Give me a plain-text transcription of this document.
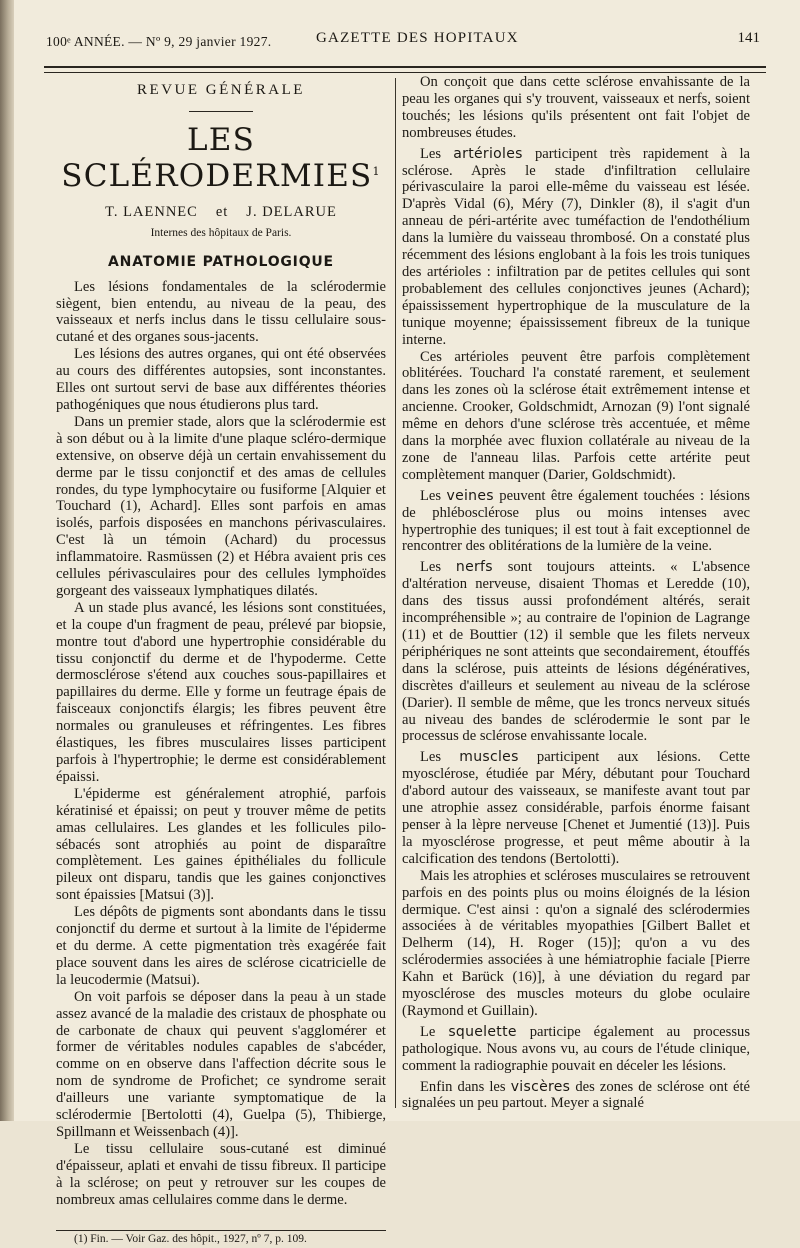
100ᵉ ANNÉE. — Nº 9, 29 janvier 1927.	GAZETTE DES HOPITAUX	141
REVUE GÉNÉRALE
LES SCLÉRODERMIES$^1$
T. LAENNEC et J. DELARUE
Internes des hôpitaux de Paris.
ANATOMIE PATHOLOGIQUE

Les lésions fondamentales de la sclérodermie siègent, bien entendu, au niveau de la peau, des vaisseaux et nerfs inclus dans le tissu cellulaire sous-cutané et des organes sous-jacents.

Les lésions des autres organes, qui ont été observées au cours des différentes autopsies, sont inconstantes. Elles ont surtout servi de base aux différentes théories pathogéniques que nous étudierons plus tard.

Dans un premier stade, alors que la sclérodermie est à son début ou à la limite d'une plaque scléro-dermique extensive, on observe déjà un certain envahissement du derme par le tissu conjonctif et des amas de cellules rondes, du type lymphocytaire ou fusiforme [Alquier et Touchard (1), Achard]. Elles sont parfois en amas isolés, parfois disposées en manchons périvasculaires. C'est là un témoin (Achard) du processus inflammatoire. Rasmüssen (2) et Hébra avaient pris ces cellules périvasculaires pour des cellules lymphoïdes gorgeant des vaisseaux lymphatiques dilatés.

A un stade plus avancé, les lésions sont constituées, et la coupe d'un fragment de peau, prélevé par biopsie, montre tout d'abord une hypertrophie considérable du tissu conjonctif du derme et de l'hypoderme. Cette dermosclérose s'étend aux couches sous-papillaires et papillaires du derme. Elle y forme un feutrage épais de faisceaux conjonctifs élargis; les fibres peuvent être normales ou granuleuses et réfringentes. Les fibres élastiques, les fibres musculaires lisses participent parfois à l'hypertrophie; le derme est considérablement épaissi.

L'épiderme est généralement atrophié, parfois kératinisé et épaissi; on peut y trouver même de petits amas cellulaires. Les glandes et les follicules pilo-sébacés sont atrophiés au point de disparaître complètement. Les gaines épithéliales du follicule pileux ont disparu, tandis que les gaines conjonctives sont épaissies [Matsui (3)].

Les dépôts de pigments sont abondants dans le tissu conjonctif du derme et surtout à la limite de l'épiderme et du derme. A cette pigmentation très exagérée fait place souvent dans les aires de sclérose cicatricielle de la leucodermie (Matsui).

On voit parfois se déposer dans la peau à un stade assez avancé de la maladie des cristaux de phosphate ou de carbonate de chaux qui peuvent s'agglomérer et former de véritables nodules capables de s'abcéder, comme on en observe dans l'affection décrite sous le nom de syndrome de Profichet; ce syndrome serait d'ailleurs une variante symptomatique de la sclérodermie [Bertolotti (4), Guelpa (5), Thibierge, Spillmann et Weissenbach (4)].

Le tissu cellulaire sous-cutané est diminué d'épaisseur, aplati et envahi de tissu fibreux. Il participe à la sclérose; on peut y retrouver sur les coupes de nombreux amas cellulaires comme dans le derme.

(1) Fin. — Voir Gaz. des hôpit., 1927, nº 7, p. 109.

On conçoit que dans cette sclérose envahissante de la peau les organes qui s'y trouvent, vaisseaux et nerfs, soient touchés; les lésions qu'ils présentent ont fait l'objet de nombreuses études.

Les artérioles participent très rapidement à la sclérose. Après le stade d'infiltration cellulaire périvasculaire la paroi elle-même du vaisseau est lésée. D'après Vidal (6), Méry (7), Dinkler (8), il s'agit d'un anneau de péri-artérite avec tuméfaction de l'endothélium dans la lumière du vaisseau thrombosé. On a constaté plus récemment des lésions englobant à la fois les trois tuniques des artérioles : infiltration par de petites cellules qui sont probablement des cellules conjonctives jeunes (Achard); épaississement hypertrophique de la musculature de la tunique moyenne; épaississement fibreux de la tunique interne.

Ces artérioles peuvent être parfois complètement oblitérées. Touchard l'a constaté rarement, et seulement dans les zones où la sclérose était extrêmement intense et ancienne. Crooker, Goldschmidt, Arnozan (9) l'ont signalé même en dehors d'une sclérose très accentuée, et même dans la morphée avec fluxion collatérale au niveau de la zone de l'anneau lilas. Parfois cette artérite peut complètement manquer (Darier, Goldschmidt).

Les veines peuvent être également touchées : lésions de phlébosclérose plus ou moins intenses avec hypertrophie des tuniques; il est tout à fait exceptionnel de rencontrer des oblitérations de la lumière de la veine.

Les nerfs sont toujours atteints. « L'absence d'altération nerveuse, disaient Thomas et Leredde (10), dans des tissus aussi profondément altérés, serait incompréhensible »; au contraire de l'opinion de Lagrange (11) et de Bouttier (12) il semble que les filets nerveux périphériques ne sont atteints que secondairement, étouffés dans la sclérose, puis atteints de lésions dégénératives, discrètes d'ailleurs et seulement au niveau de la sclérose (Darier). Il semble de même, que les troncs nerveux situés au niveau des bandes de sclérodermie le sont par le processus de sclérose envahissante locale.

Les muscles participent aux lésions. Cette myosclérose, étudiée par Méry, débutant pour Touchard d'abord autour des vaisseaux, se manifeste avant tout par une atrophie assez considérable, parfois énorme faisant penser à la lèpre nerveuse [Chenet et Jumentié (13)]. Puis la myosclérose progresse, et peut même aboutir à la calcification des tendons (Bertolotti).

Mais les atrophies et scléroses musculaires se retrouvent parfois en des points plus ou moins éloignés de la lésion dermique. C'est ainsi : qu'on a signalé des sclérodermies associées à de véritables myopathies [Gilbert Ballet et Delherm (14), H. Roger (15)]; qu'on a vu des sclérodermies associées à une hémiatrophie faciale [Pierre Kahn et Barück (16)], à une déviation du regard par myosclérose des muscles moteurs du globe oculaire (Raymond et Guillain).

Le squelette participe également au processus pathologique. Nous avons vu, au cours de l'étude clinique, comment la radiographie pouvait en déceler les lésions.

Enfin dans les viscères des zones de sclérose ont été signalées un peu partout. Meyer a signalé
